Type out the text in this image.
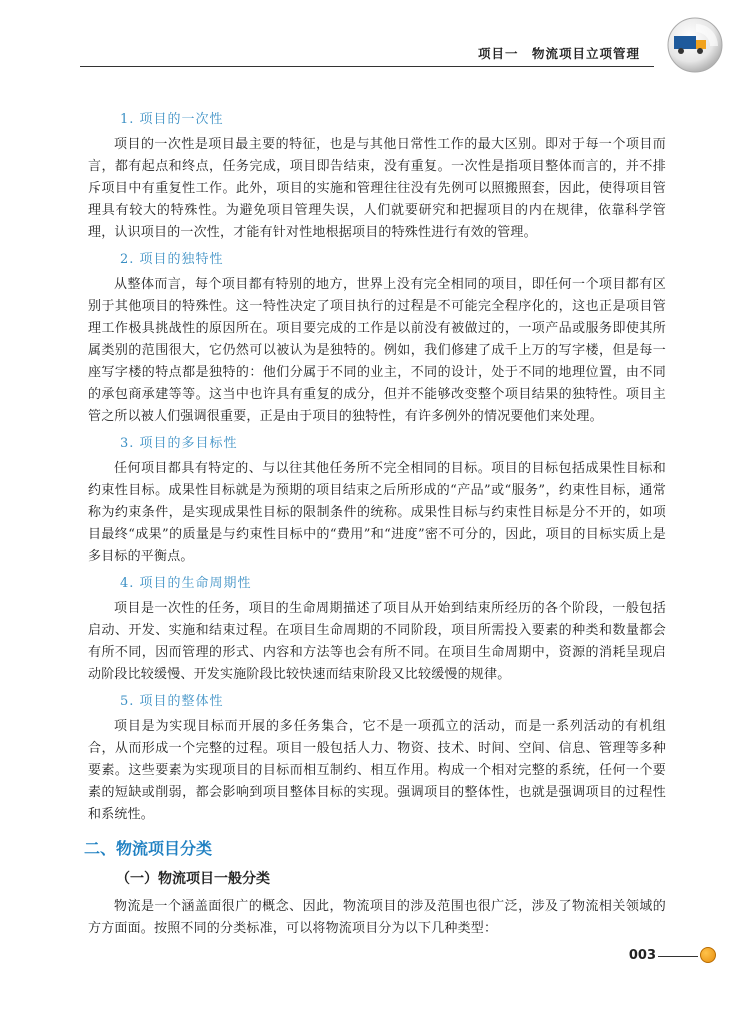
项目一　物流项目立项管理
1. 项目的一次性

项目的一次性是项目最主要的特征，也是与其他日常性工作的最大区别。即对于每一个项目而言，都有起点和终点，任务完成，项目即告结束，没有重复。一次性是指项目整体而言的，并不排斥项目中有重复性工作。此外，项目的实施和管理往往没有先例可以照搬照套，因此，使得项目管理具有较大的特殊性。为避免项目管理失误，人们就要研究和把握项目的内在规律，依靠科学管理，认识项目的一次性，才能有针对性地根据项目的特殊性进行有效的管理。

2. 项目的独特性

从整体而言，每个项目都有特别的地方，世界上没有完全相同的项目，即任何一个项目都有区别于其他项目的特殊性。这一特性决定了项目执行的过程是不可能完全程序化的，这也正是项目管理工作极具挑战性的原因所在。项目要完成的工作是以前没有被做过的，一项产品或服务即使其所属类别的范围很大，它仍然可以被认为是独特的。例如，我们修建了成千上万的写字楼，但是每一座写字楼的特点都是独特的：他们分属于不同的业主，不同的设计，处于不同的地理位置，由不同的承包商承建等等。这当中也许具有重复的成分，但并不能够改变整个项目结果的独特性。项目主管之所以被人们强调很重要，正是由于项目的独特性，有许多例外的情况要他们来处理。

3. 项目的多目标性

任何项目都具有特定的、与以往其他任务所不完全相同的目标。项目的目标包括成果性目标和约束性目标。成果性目标就是为预期的项目结束之后所形成的“产品”或“服务”，约束性目标，通常称为约束条件，是实现成果性目标的限制条件的统称。成果性目标与约束性目标是分不开的，如项目最终“成果”的质量是与约束性目标中的“费用”和“进度”密不可分的，因此，项目的目标实质上是多目标的平衡点。

4. 项目的生命周期性

项目是一次性的任务，项目的生命周期描述了项目从开始到结束所经历的各个阶段，一般包括启动、开发、实施和结束过程。在项目生命周期的不同阶段，项目所需投入要素的种类和数量都会有所不同，因而管理的形式、内容和方法等也会有所不同。在项目生命周期中，资源的消耗呈现启动阶段比较缓慢、开发实施阶段比较快速而结束阶段又比较缓慢的规律。

5. 项目的整体性

项目是为实现目标而开展的多任务集合，它不是一项孤立的活动，而是一系列活动的有机组合，从而形成一个完整的过程。项目一般包括人力、物资、技术、时间、空间、信息、管理等多种要素。这些要素为实现项目的目标而相互制约、相互作用。构成一个相对完整的系统，任何一个要素的短缺或削弱，都会影响到项目整体目标的实现。强调项目的整体性，也就是强调项目的过程性和系统性。

二、物流项目分类
（一）物流项目一般分类

物流是一个涵盖面很广的概念、因此，物流项目的涉及范围也很广泛，涉及了物流相关领域的方方面面。按照不同的分类标准，可以将物流项目分为以下几种类型：

003
